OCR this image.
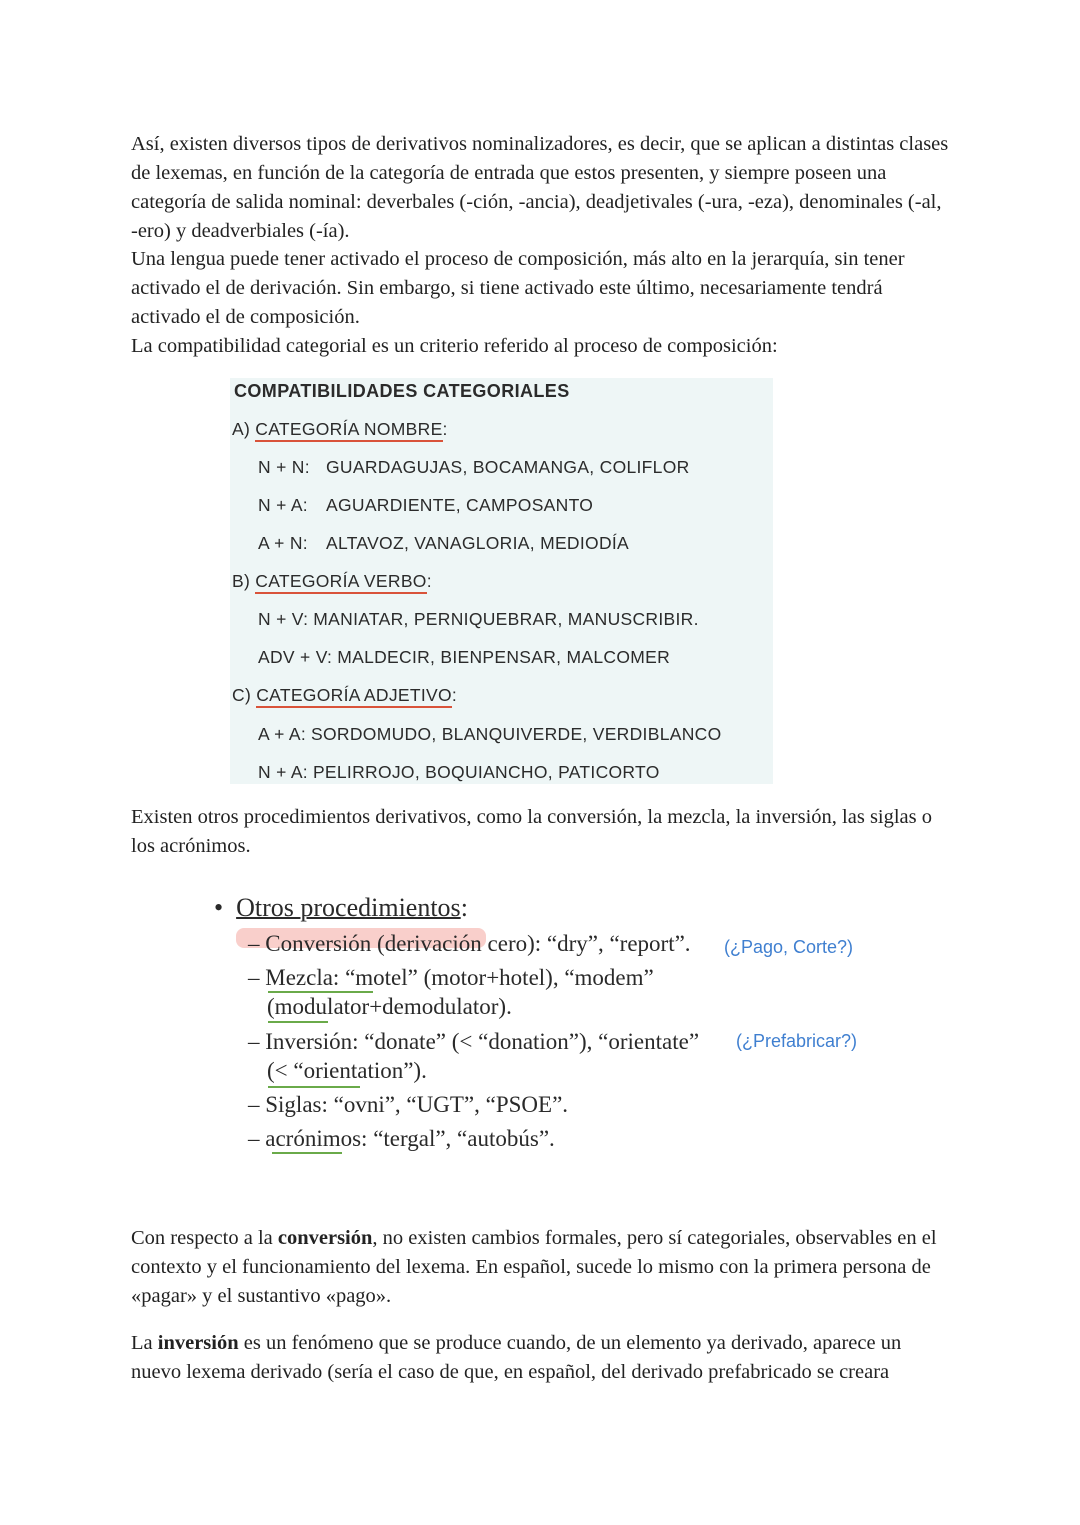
Así, existen diversos tipos de derivativos nominalizadores, es decir, que se aplican a distintas clases de lexemas, en función de la categoría de entrada que estos presenten, y siempre poseen una categoría de salida nominal: deverbales (-ción, -ancia), deadjetivales (-ura, -eza), denominales (-al, -ero) y deadverbiales (-ía).

Una lengua puede tener activado el proceso de composición, más alto en la jerarquía, sin tener activado el de derivación. Sin embargo, si tiene activado este último, necesariamente tendrá activado el de composición.

La compatibilidad categorial es un criterio referido al proceso de composición:

COMPATIBILIDADES CATEGORIALES
A) CATEGORÍA NOMBRE:
N + N: GUARDAGUJAS, BOCAMANGA, COLIFLOR
N + A: AGUARDIENTE, CAMPOSANTO
A + N: ALTAVOZ, VANAGLORIA, MEDIODÍA
B) CATEGORÍA VERBO:
N + V: MANIATAR, PERNIQUEBRAR, MANUSCRIBIR.
ADV + V: MALDECIR, BIENPENSAR, MALCOMER
C) CATEGORÍA ADJETIVO:
A + A: SORDOMUDO, BLANQUIVERDE, VERDIBLANCO
N + A: PELIRROJO, BOQUIANCHO, PATICORTO

Existen otros procedimientos derivativos, como la conversión, la mezcla, la inversión, las siglas o los acrónimos.

• Otros procedimientos:
– Conversión (derivación cero): “dry”, “report”. (¿Pago, Corte?)
– Mezcla: “motel” (motor+hotel), “modem”
(modulator+demodulator).
– Inversión: “donate” (< “donation”), “orientate” (¿Prefabricar?)
(< “orientation”).
– Siglas: “ovni”, “UGT”, “PSOE”.
– acrónimos: “tergal”, “autobús”.

Con respecto a la conversión, no existen cambios formales, pero sí categoriales, observables en el contexto y el funcionamiento del lexema. En español, sucede lo mismo con la primera persona de «pagar» y el sustantivo «pago».

La inversión es un fenómeno que se produce cuando, de un elemento ya derivado, aparece un nuevo lexema derivado (sería el caso de que, en español, del derivado prefabricado se creara
